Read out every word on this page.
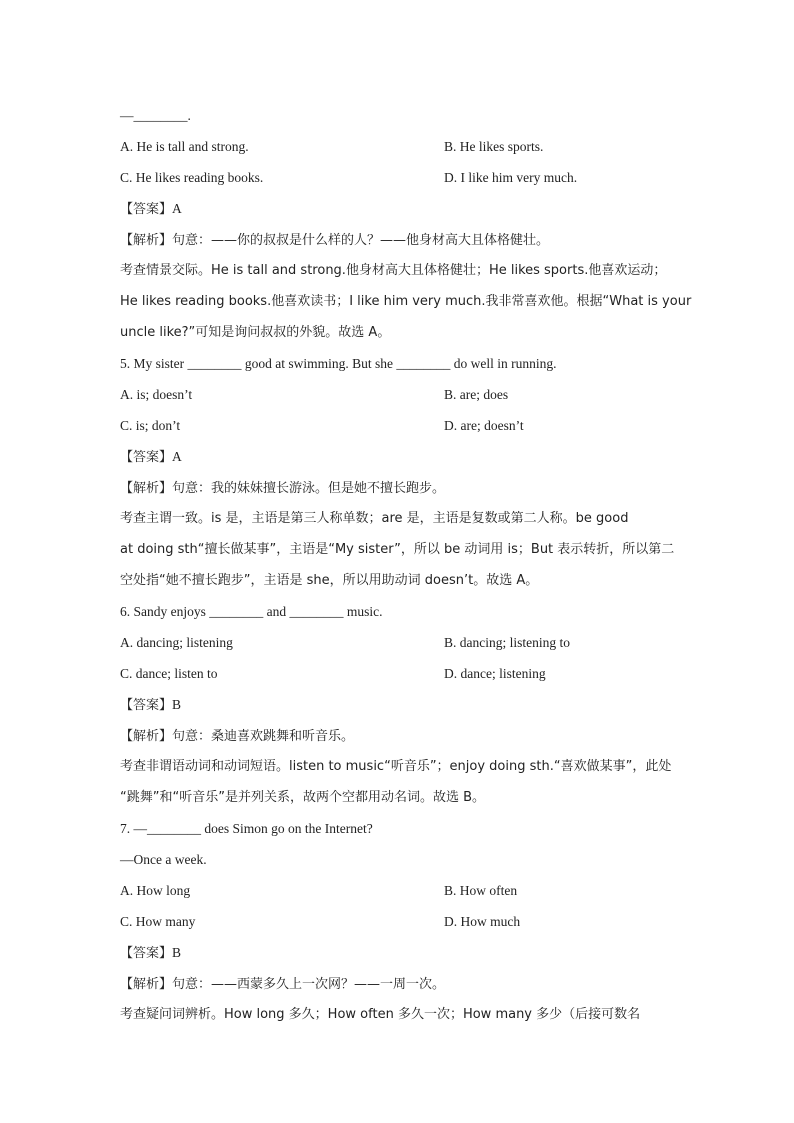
—________.
A. He is tall and strong.	B. He likes sports.
C. He likes reading books.	D. I like him very much.
【答案】A
【解析】句意：——你的叔叔是什么样的人？——他身材高大且体格健壮。
考查情景交际。He is tall and strong.他身材高大且体格健壮；He likes sports.他喜欢运动；
He likes reading books.他喜欢读书；I like him very much.我非常喜欢他。根据“What is your
uncle like?”可知是询问叔叔的外貌。故选 A。
5. My sister ________ good at swimming. But she ________ do well in running.
A. is; doesn’t	B. are; does
C. is; don’t	D. are; doesn’t
【答案】A
【解析】句意：我的妹妹擅长游泳。但是她不擅长跑步。
考查主谓一致。is 是，主语是第三人称单数；are 是，主语是复数或第二人称。be good
at doing sth“擅长做某事”，主语是“My sister”，所以 be 动词用 is；But 表示转折，所以第二
空处指“她不擅长跑步”，主语是 she，所以用助动词 doesn’t。故选 A。
6. Sandy enjoys ________ and ________ music.
A. dancing; listening	B. dancing; listening to
C. dance; listen to	D. dance; listening
【答案】B
【解析】句意：桑迪喜欢跳舞和听音乐。
考查非谓语动词和动词短语。listen to music“听音乐”；enjoy doing sth.“喜欢做某事”，此处
“跳舞”和“听音乐”是并列关系，故两个空都用动名词。故选 B。
7. —________ does Simon go on the Internet?
—Once a week.
A. How long	B. How often
C. How many	D. How much
【答案】B
【解析】句意：——西蒙多久上一次网？——一周一次。
考查疑问词辨析。How long 多久；How often 多久一次；How many 多少（后接可数名
